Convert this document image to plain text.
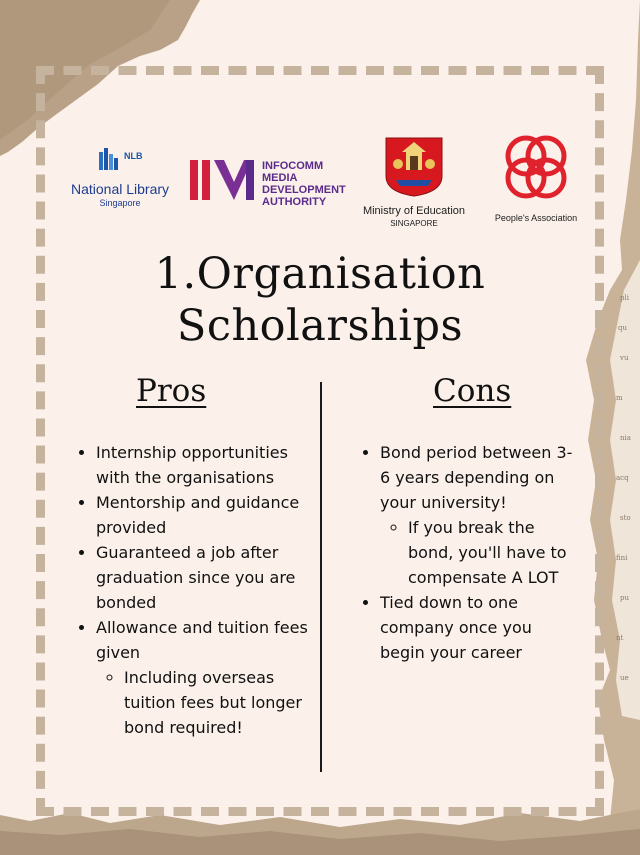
pli
qu
vu
m
nia
acq
sto
fini
pu
nt
ue
NLB
National Library
Singapore
INFOCOMM
MEDIA
DEVELOPMENT
AUTHORITY
Ministry of Education
SINGAPORE
People's Association
1.Organisation
Scholarships
Pros
• Internship opportunities with the organisations
• Mentorship and guidance provided
• Guaranteed a job after graduation since you are bonded
• Allowance and tuition fees given
◦ Including overseas tuition fees but longer bond required!
Cons
• Bond period between 3-6 years depending on your university!
◦ If you break the bond, you'll have to compensate A LOT
• Tied down to one company once you begin your career
